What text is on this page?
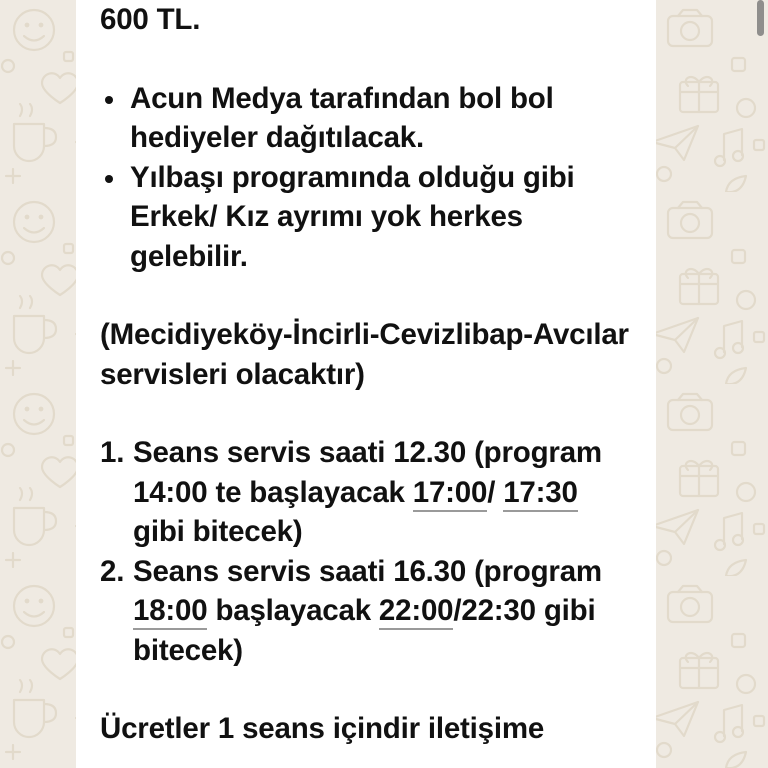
600 TL.
Acun Medya tarafından bol bol hediyeler dağıtılacak.
Yılbaşı programında olduğu gibi Erkek/ Kız ayrımı yok herkes gelebilir.
(Mecidiyeköy-İncirli-Cevizlibap-Avcılar servisleri olacaktır)
1. Seans servis saati 12.30 (program 14:00 te başlayacak 17:00/ 17:30 gibi bitecek)
2. Seans servis saati 16.30 (program 18:00 başlayacak 22:00/22:30 gibi bitecek)
Ücretler 1 seans içindir iletişime
